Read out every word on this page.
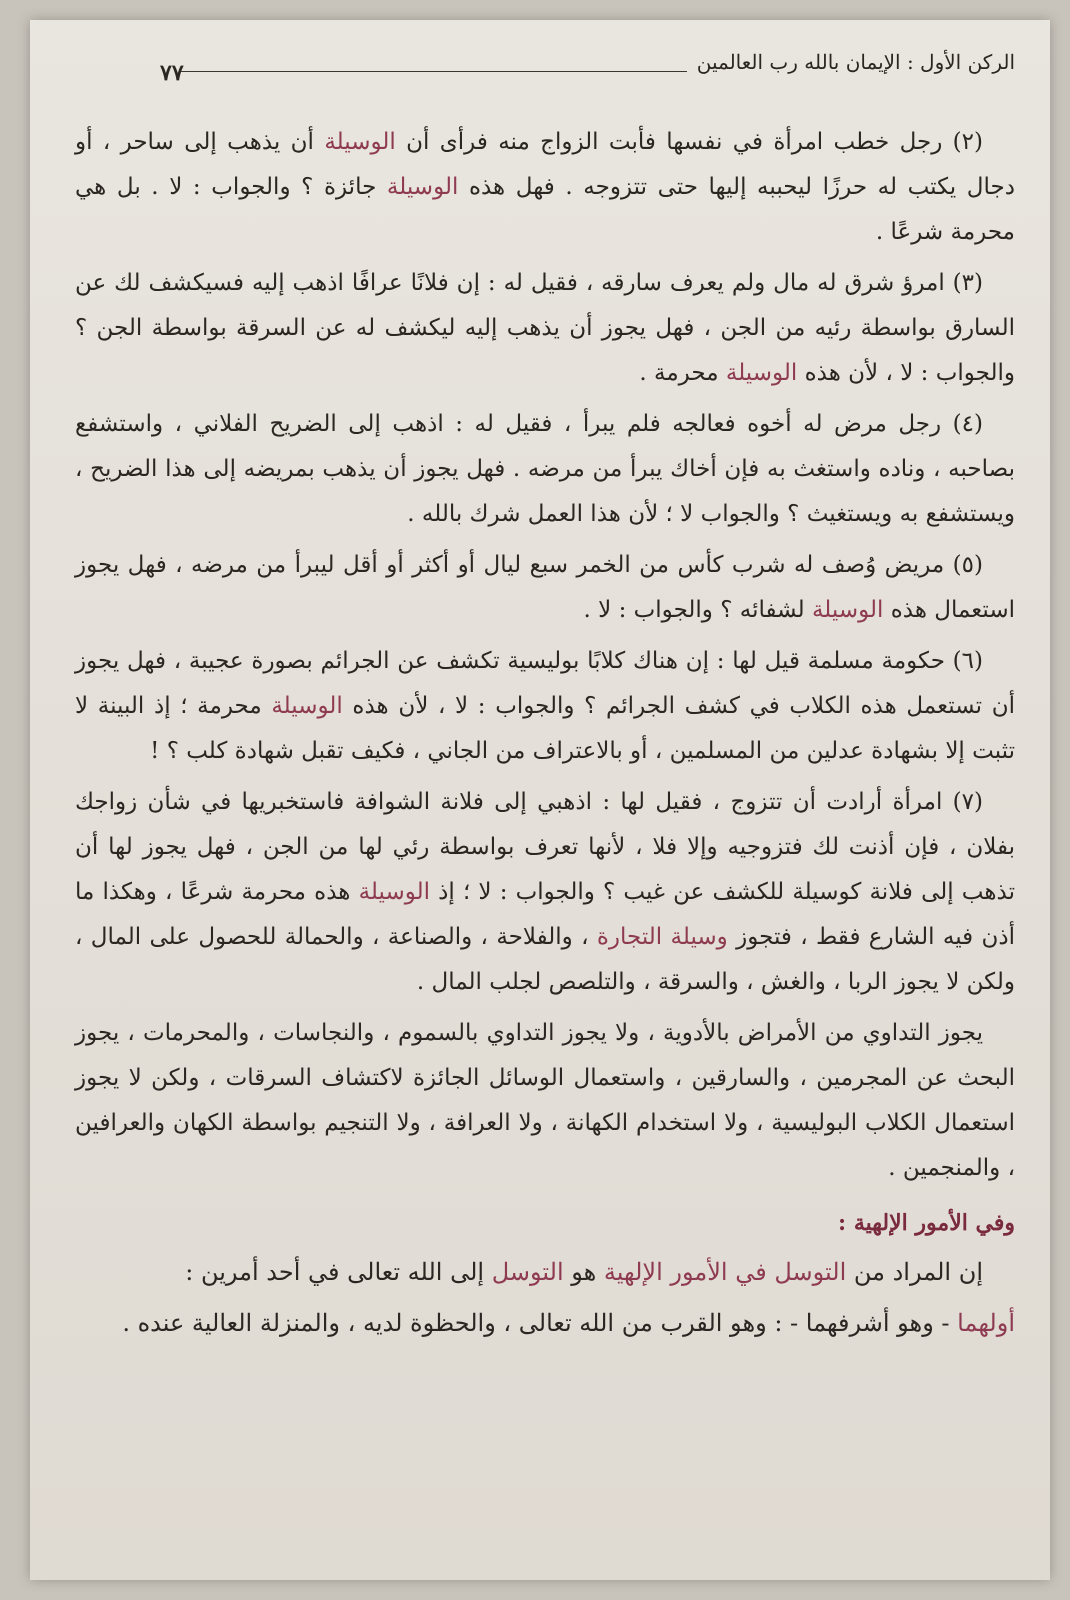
الركن الأول : الإيمان بالله رب العالمين
٧٧

(٢) رجل خطب امرأة في نفسها فأبت الزواج منه فرأى أن الوسيلة أن يذهب إلى ساحر ، أو دجال يكتب له حرزًا ليحببه إليها حتى تتزوجه . فهل هذه الوسيلة جائزة ؟ والجواب : لا . بل هي محرمة شرعًا .

(٣) امرؤ شرق له مال ولم يعرف سارقه ، فقيل له : إن فلانًا عرافًا اذهب إليه فسيكشف لك عن السارق بواسطة رئيه من الجن ، فهل يجوز أن يذهب إليه ليكشف له عن السرقة بواسطة الجن ؟ والجواب : لا ، لأن هذه الوسيلة محرمة .

(٤) رجل مرض له أخوه فعالجه فلم يبرأ ، فقيل له : اذهب إلى الضريح الفلاني ، واستشفع بصاحبه ، وناده واستغث به فإن أخاك يبرأ من مرضه . فهل يجوز أن يذهب بمريضه إلى هذا الضريح ، ويستشفع به ويستغيث ؟ والجواب لا ؛ لأن هذا العمل شرك بالله .

(٥) مريض وُصف له شرب كأس من الخمر سبع ليال أو أكثر أو أقل ليبرأ من مرضه ، فهل يجوز استعمال هذه الوسيلة لشفائه ؟ والجواب : لا .

(٦) حكومة مسلمة قيل لها : إن هناك كلابًا بوليسية تكشف عن الجرائم بصورة عجيبة ، فهل يجوز أن تستعمل هذه الكلاب في كشف الجرائم ؟ والجواب : لا ، لأن هذه الوسيلة محرمة ؛ إذ البينة لا تثبت إلا بشهادة عدلين من المسلمين ، أو بالاعتراف من الجاني ، فكيف تقبل شهادة كلب ؟ !

(٧) امرأة أرادت أن تتزوج ، فقيل لها : اذهبي إلى فلانة الشوافة فاستخبريها في شأن زواجك بفلان ، فإن أذنت لك فتزوجيه وإلا فلا ، لأنها تعرف بواسطة رئي لها من الجن ، فهل يجوز لها أن تذهب إلى فلانة كوسيلة للكشف عن غيب ؟ والجواب : لا ؛ إذ الوسيلة هذه محرمة شرعًا ، وهكذا ما أذن فيه الشارع فقط ، فتجوز وسيلة التجارة ، والفلاحة ، والصناعة ، والحمالة للحصول على المال ، ولكن لا يجوز الربا ، والغش ، والسرقة ، والتلصص لجلب المال .

يجوز التداوي من الأمراض بالأدوية ، ولا يجوز التداوي بالسموم ، والنجاسات ، والمحرمات ، يجوز البحث عن المجرمين ، والسارقين ، واستعمال الوسائل الجائزة لاكتشاف السرقات ، ولكن لا يجوز استعمال الكلاب البوليسية ، ولا استخدام الكهانة ، ولا العرافة ، ولا التنجيم بواسطة الكهان والعرافين ، والمنجمين .

وفي الأمور الإلهية :

إن المراد من التوسل في الأمور الإلهية هو التوسل إلى الله تعالى في أحد أمرين :

أولهما - وهو أشرفهما - : وهو القرب من الله تعالى ، والحظوة لديه ، والمنزلة العالية عنده .
